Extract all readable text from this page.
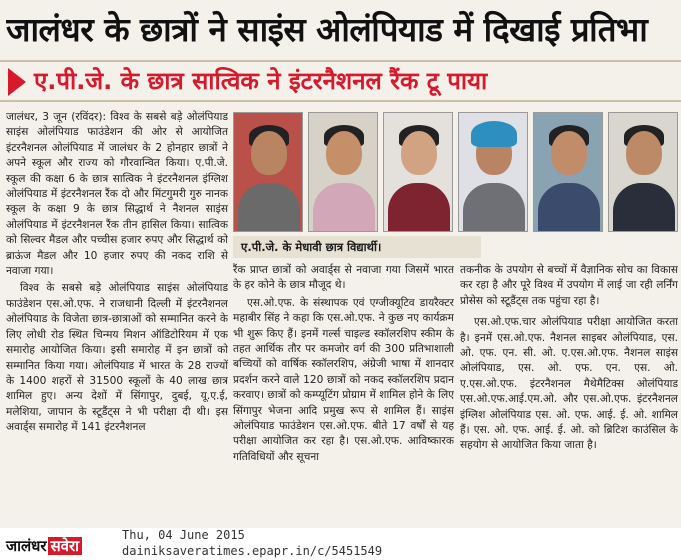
जालंधर के छात्रों ने साइंस ओलंपियाड में दिखाई प्रतिभा
ए.पी.जे. के छात्र सात्विक ने इंटरनैशनल रैंक टू पाया

जालंधर, 3 जून (रविंदर): विश्व के सबसे बड़े ओलंपियाड साइंस ओलंपियाड फाउंडेशन की ओर से आयोजित इंटरनैशनल ओलंपियाड में जालंधर के 2 होनहार छात्रों ने अपने स्कूल और राज्य को गौरवान्वित किया। ए.पी.जे. स्कूल की कक्षा 6 के छात्र सात्विक ने इंटरनैशनल इंग्लिश ओलंपियाड में इंटरनैशनल रैंक दो और मिंटगुमरी गुरु नानक स्कूल के कक्षा 9 के छात्र सिद्धार्थ ने नैशनल साइंस ओलंपियाड में इंटरनैशनल रैंक तीन हासिल किया। सात्विक को सिल्वर मैडल और पच्चीस हजार रुपए और सिद्धार्थ को ब्राऊंज मैडल और 10 हजार रुपए की नकद राशि से नवाजा गया।

विश्व के सबसे बड़े ओलंपियाड साइंस ओलंपियाड फाउंडेशन एस.ओ.एफ. ने राजधानी दिल्ली में इंटरनैशनल ओलंपियाड के विजेता छात्र-छात्राओं को सम्मानित करने के लिए लोधी रोड स्थित चिन्मय मिशन ऑडिटोरियम में एक समारोह आयोजित किया। इसी समारोह में इन छात्रों को सम्मानित किया गया। ओलंपियाड में भारत के 28 राज्यों के 1400 शहरों से 31500 स्कूलों के 40 लाख छात्र शामिल हुए। अन्य देशों में सिंगापुर, दुबई, यू.ए.ई, मलेशिया, जापान के स्टूडैंट्स ने भी परीक्षा दी थी। इस अवार्ड्स समारोह में 141 इंटरनैशनल

ए.पी.जे. के मेधावी छात्र विद्यार्थी।

रैंक प्राप्त छात्रों को अवार्ड्स से नवाजा गया जिसमें भारत के हर कोने के छात्र मौजूद थे।

एस.ओ.एफ. के संस्थापक एवं एग्जीक्यूटिव डायरैक्टर महाबीर सिंह ने कहा कि एस.ओ.एफ. ने कुछ नए कार्यक्रम भी शुरू किए हैं। इनमें गर्ल्स चाइल्ड स्कॉलरशिप स्कीम के तहत आर्थिक तौर पर कमजोर वर्ग की 300 प्रतिभाशाली बच्चियों को वार्षिक स्कॉलरशिप, अंग्रेजी भाषा में शानदार प्रदर्शन करने वाले 120 छात्रों को नकद स्कॉलरशिप प्रदान करवाए। छात्रों को कम्प्यूटिंग प्रोग्राम में शामिल होने के लिए सिंगापुर भेजना आदि प्रमुख रूप से शामिल हैं। साइंस ओलंपियाड फाउंडेशन एस.ओ.एफ. बीते 17 वर्षों से यह परीक्षा आयोजित कर रहा है। एस.ओ.एफ. आविष्कारक गतिविधियों और सूचना

तकनीक के उपयोग से बच्चों में वैज्ञानिक सोच का विकास कर रहा है और पूरे विश्व में उपयोग में लाई जा रही लर्निंग प्रोसेस को स्टूडैंट्स तक पहुंचा रहा है।

एस.ओ.एफ.चार ओलंपियाड परीक्षा आयोजित करता है। इनमें एस.ओ.एफ. नैशनल साइबर ओलंपियाड, एस. ओ. एफ. एन. सी. ओ. ए.एस.ओ.एफ. नैशनल साइंस ओलंपियाड, एस. ओ. एफ. एन. एस. ओ. ए.एस.ओ.एफ. इंटरनैशनल मैथेमैटिक्स ओलंपियाड एस.ओ.एफ.आई.एम.ओ. और एस.ओ.एफ. इंटरनैशनल इंग्लिश ओलंपियाड एस. ओ. एफ. आई. ई. ओ. शामिल हैं। एस. ओ. एफ. आई. ई. ओ. को ब्रिटिश काउंसिल के सहयोग से आयोजित किया जाता है।

जालंधर सवेरा
Thu, 04 June 2015
dainiksaveratimes.epapr.in/c/5451549
